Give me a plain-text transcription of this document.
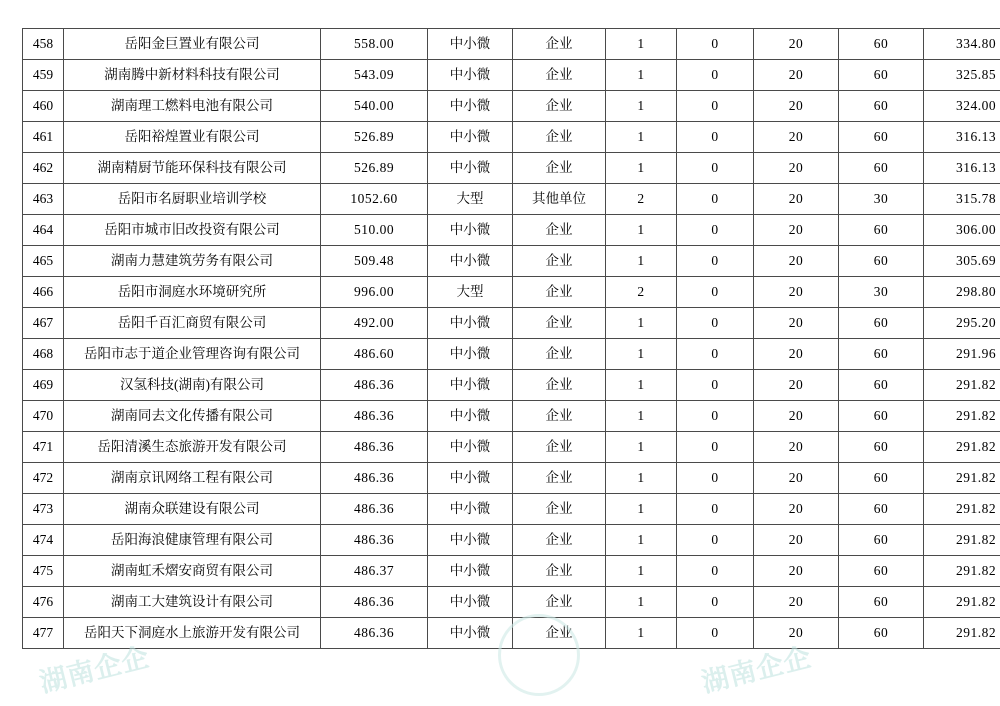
458	岳阳金巨置业有限公司	558.00	中小微	企业	1	0	20	60	334.80
459	湖南腾中新材料科技有限公司	543.09	中小微	企业	1	0	20	60	325.85
460	湖南理工燃料电池有限公司	540.00	中小微	企业	1	0	20	60	324.00
461	岳阳裕煌置业有限公司	526.89	中小微	企业	1	0	20	60	316.13
462	湖南精厨节能环保科技有限公司	526.89	中小微	企业	1	0	20	60	316.13
463	岳阳市名厨职业培训学校	1052.60	大型	其他单位	2	0	20	30	315.78
464	岳阳市城市旧改投资有限公司	510.00	中小微	企业	1	0	20	60	306.00
465	湖南力慧建筑劳务有限公司	509.48	中小微	企业	1	0	20	60	305.69
466	岳阳市洞庭水环境研究所	996.00	大型	企业	2	0	20	30	298.80
467	岳阳千百汇商贸有限公司	492.00	中小微	企业	1	0	20	60	295.20
468	岳阳市志于道企业管理咨询有限公司	486.60	中小微	企业	1	0	20	60	291.96
469	汉氢科技(湖南)有限公司	486.36	中小微	企业	1	0	20	60	291.82
470	湖南同去文化传播有限公司	486.36	中小微	企业	1	0	20	60	291.82
471	岳阳清溪生态旅游开发有限公司	486.36	中小微	企业	1	0	20	60	291.82
472	湖南京讯网络工程有限公司	486.36	中小微	企业	1	0	20	60	291.82
473	湖南众联建设有限公司	486.36	中小微	企业	1	0	20	60	291.82
474	岳阳海浪健康管理有限公司	486.36	中小微	企业	1	0	20	60	291.82
475	湖南虹禾熠安商贸有限公司	486.37	中小微	企业	1	0	20	60	291.82
476	湖南工大建筑设计有限公司	486.36	中小微	企业	1	0	20	60	291.82
477	岳阳天下洞庭水上旅游开发有限公司	486.36	中小微	企业	1	0	20	60	291.82
湖南企企	湖南企企
